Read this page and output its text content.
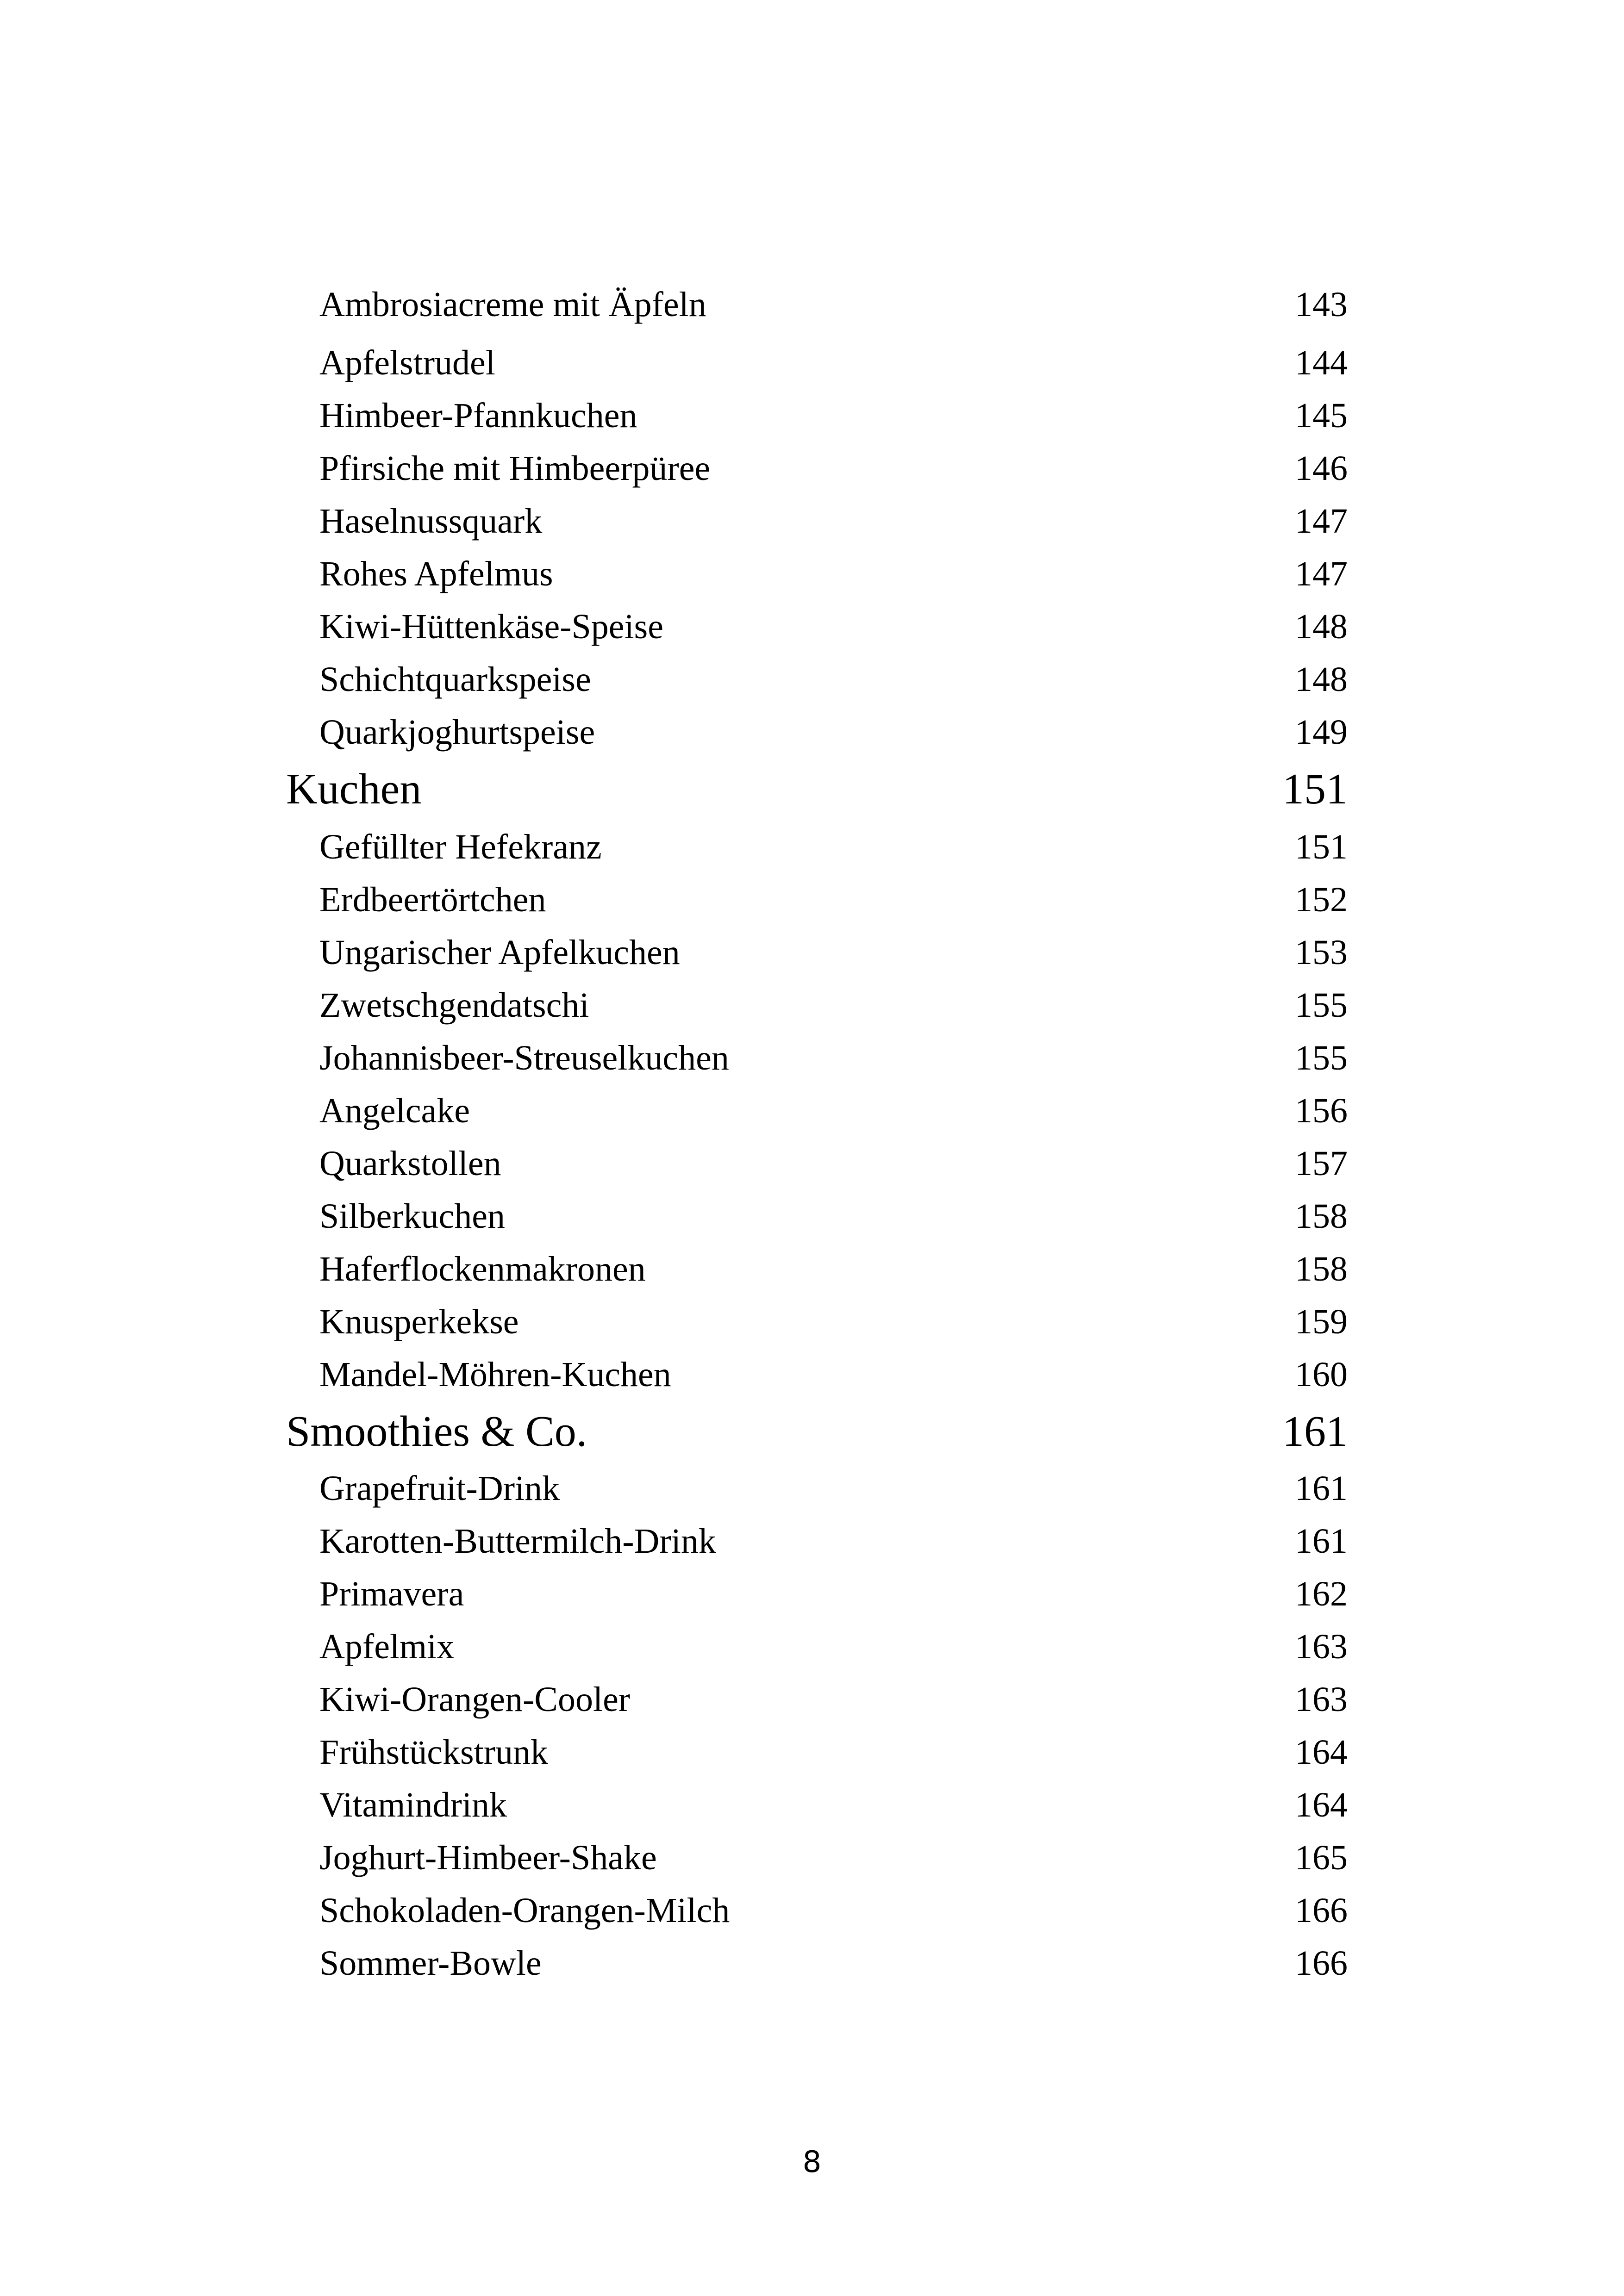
Ambrosiacreme mit Äpfeln	143
Apfelstrudel	144
Himbeer-Pfannkuchen	145
Pfirsiche mit Himbeerpüree	146
Haselnussquark	147
Rohes Apfelmus	147
Kiwi-Hüttenkäse-Speise	148
Schichtquarkspeise	148
Quarkjoghurtspeise	149
Kuchen	151
Gefüllter Hefekranz	151
Erdbeertörtchen	152
Ungarischer Apfelkuchen	153
Zwetschgendatschi	155
Johannisbeer-Streuselkuchen	155
Angelcake	156
Quarkstollen	157
Silberkuchen	158
Haferflockenmakronen	158
Knusperkekse	159
Mandel-Möhren-Kuchen	160
Smoothies & Co.	161
Grapefruit-Drink	161
Karotten-Buttermilch-Drink	161
Primavera	162
Apfelmix	163
Kiwi-Orangen-Cooler	163
Frühstückstrunk	164
Vitamindrink	164
Joghurt-Himbeer-Shake	165
Schokoladen-Orangen-Milch	166
Sommer-Bowle	166
8
